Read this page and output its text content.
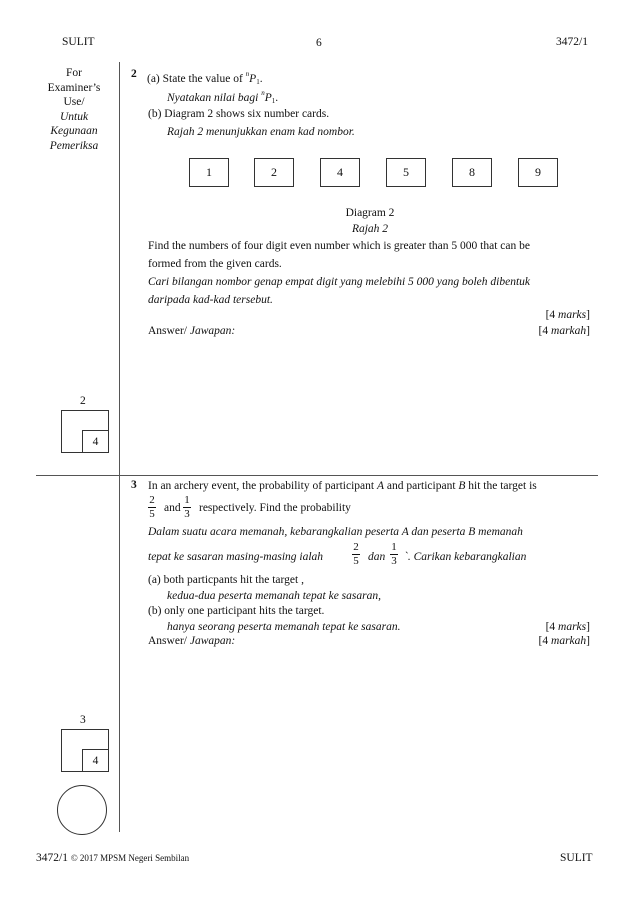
SULIT	6	3472/1
For
Examiner’s
Use/
Untuk
Kegunaan
Pemeriksa
2
4
2 (a) State the value of $^nP_1$.
Nyatakan nilai bagi $^nP_1$.
(b) Diagram 2 shows six number cards.
Rajah 2 menunjukkan enam kad nombor.
1	2	4	5	8	9
Diagram 2
Rajah 2
Find the numbers of four digit even number which is greater than 5 000 that can be
formed from the given cards.
Cari bilangan nombor genap empat digit yang melebihi 5 000 yang boleh dibentuk
daripada kad-kad tersebut.
[4 marks]
Answer/ Jawapan:	[4 markah]
3 In an archery event, the probability of participant A and participant B hit the target is
2
5 and
1
3 respectively. Find the probability
Dalam suatu acara memanah, kebarangkalian peserta A dan peserta B memanah
tepat ke sasaran masing-masing ialah
2
5 dan
1
3 `. Carikan kebarangkalian
(a) both particpants hit the target ,
kedua-dua peserta memanah tepat ke sasaran,
(b) only one participant hits the target.
hanya seorang peserta memanah tepat ke sasaran.	[4 marks]
Answer/ Jawapan:	[4 markah]
3
4
3472/1 © 2017 MPSM Negeri Sembilan	SULIT
